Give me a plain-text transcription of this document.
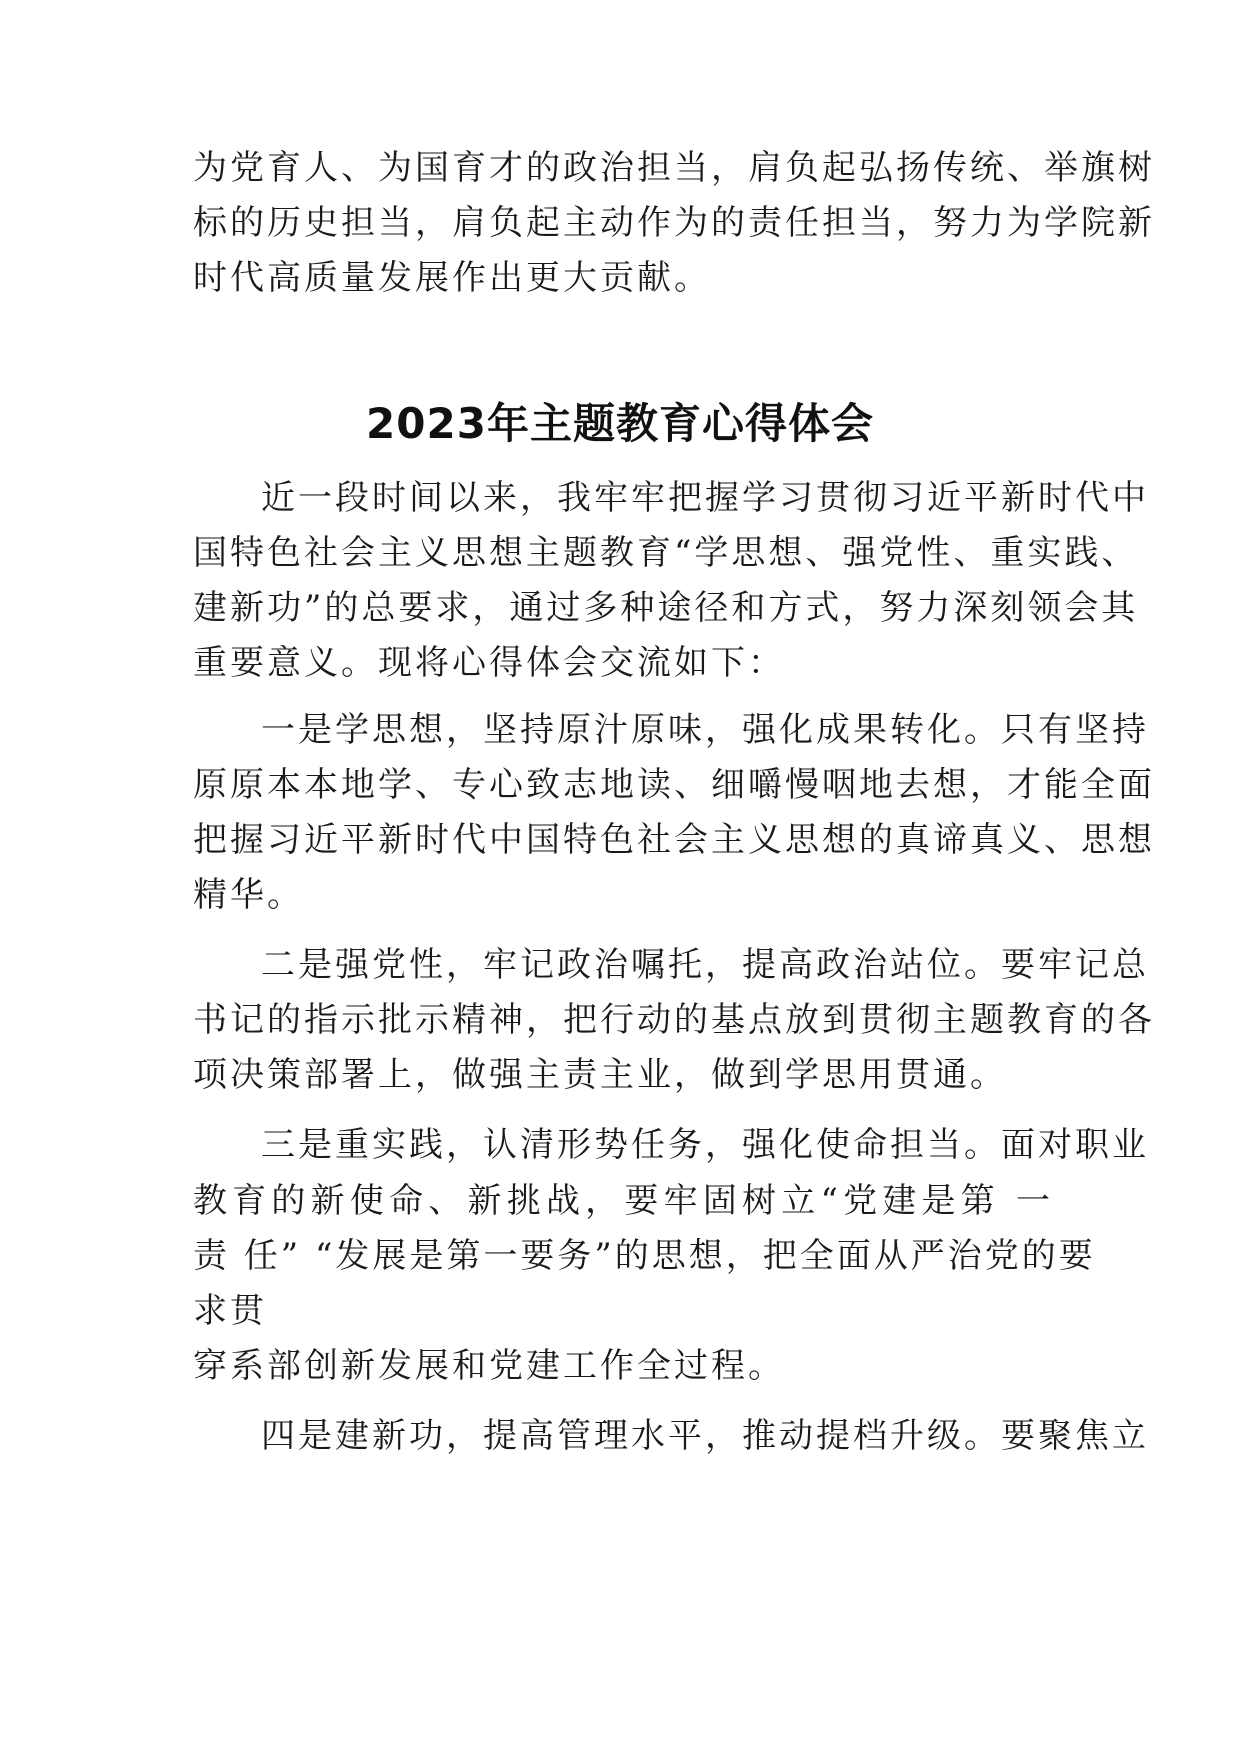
为党育人、为国育才的政治担当，肩负起弘扬传统、举旗树
标的历史担当，肩负起主动作为的责任担当，努力为学院新
时代高质量发展作出更大贡献。
2023年主题教育心得体会
近一段时间以来，我牢牢把握学习贯彻习近平新时代中
国特色社会主义思想主题教育“学思想、强党性、重实践、
建新功”的总要求，通过多种途径和方式，努力深刻领会其
重要意义。现将心得体会交流如下：
一是学思想，坚持原汁原味，强化成果转化。只有坚持
原原本本地学、专心致志地读、细嚼慢咽地去想，才能全面
把握习近平新时代中国特色社会主义思想的真谛真义、思想
精华。
二是强党性，牢记政治嘱托，提高政治站位。要牢记总
书记的指示批示精神，把行动的基点放到贯彻主题教育的各
项决策部署上，做强主责主业，做到学思用贯通。
三是重实践，认清形势任务，强化使命担当。面对职业
教育的新使命、新挑战，要牢固树立“党建是第 一
责 任” “发展是第一要务”的思想，把全面从严治党的要
求贯
穿系部创新发展和党建工作全过程。
四是建新功，提高管理水平，推动提档升级。要聚焦立
